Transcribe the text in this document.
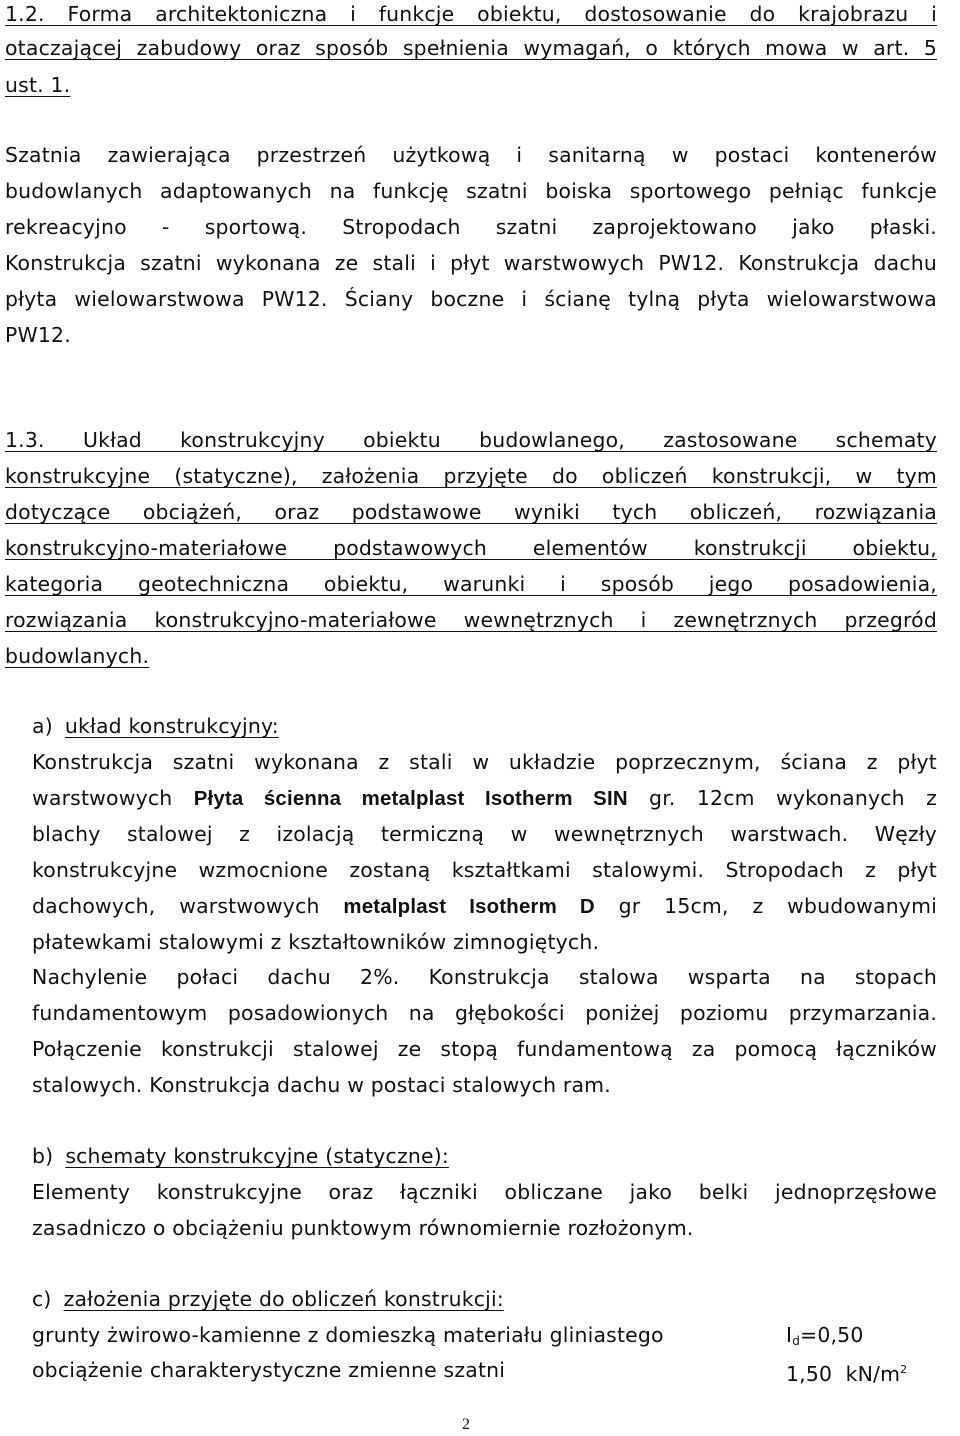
1.2. Forma architektoniczna i funkcje obiektu, dostosowanie do krajobrazu i
otaczającej zabudowy oraz sposób spełnienia wymagań, o których mowa w art. 5
ust. 1.
Szatnia zawierająca przestrzeń użytkową i sanitarną w postaci kontenerów
budowlanych adaptowanych na funkcję szatni boiska sportowego pełniąc funkcje
rekreacyjno - sportową. Stropodach szatni zaprojektowano jako płaski.
Konstrukcja szatni wykonana ze stali i płyt warstwowych PW12. Konstrukcja dachu
płyta wielowarstwowa PW12. Ściany boczne i ścianę tylną płyta wielowarstwowa
PW12.
1.3. Układ konstrukcyjny obiektu budowlanego, zastosowane schematy
konstrukcyjne (statyczne), założenia przyjęte do obliczeń konstrukcji, w tym
dotyczące obciążeń, oraz podstawowe wyniki tych obliczeń, rozwiązania
konstrukcyjno-materiałowe podstawowych elementów konstrukcji obiektu,
kategoria geotechniczna obiektu, warunki i sposób jego posadowienia,
rozwiązania konstrukcyjno-materiałowe wewnętrznych i zewnętrznych przegród
budowlanych.
a) układ konstrukcyjny:
Konstrukcja szatni wykonana z stali w układzie poprzecznym, ściana z płyt
warstwowych Płyta ścienna metalplast Isotherm SIN gr. 12cm wykonanych z
blachy stalowej z izolacją termiczną w wewnętrznych warstwach. Węzły
konstrukcyjne wzmocnione zostaną kształtkami stalowymi. Stropodach z płyt
dachowych, warstwowych metalplast Isotherm D gr 15cm, z wbudowanymi
płatewkami stalowymi z kształtowników zimnogiętych.
Nachylenie połaci dachu 2%. Konstrukcja stalowa wsparta na stopach
fundamentowym posadowionych na głębokości poniżej poziomu przymarzania.
Połączenie konstrukcji stalowej ze stopą fundamentową za pomocą łączników
stalowych. Konstrukcja dachu w postaci stalowych ram.
b) schematy konstrukcyjne (statyczne):
Elementy konstrukcyjne oraz łączniki obliczane jako belki jednoprzęsłowe
zasadniczo o obciążeniu punktowym równomiernie rozłożonym.
c) założenia przyjęte do obliczeń konstrukcji:
grunty żwirowo-kamienne z domieszką materiału gliniastego	$I_d=0,50$
obciążenie charakterystyczne zmienne szatni	1,50  $kN/m^2$
2
